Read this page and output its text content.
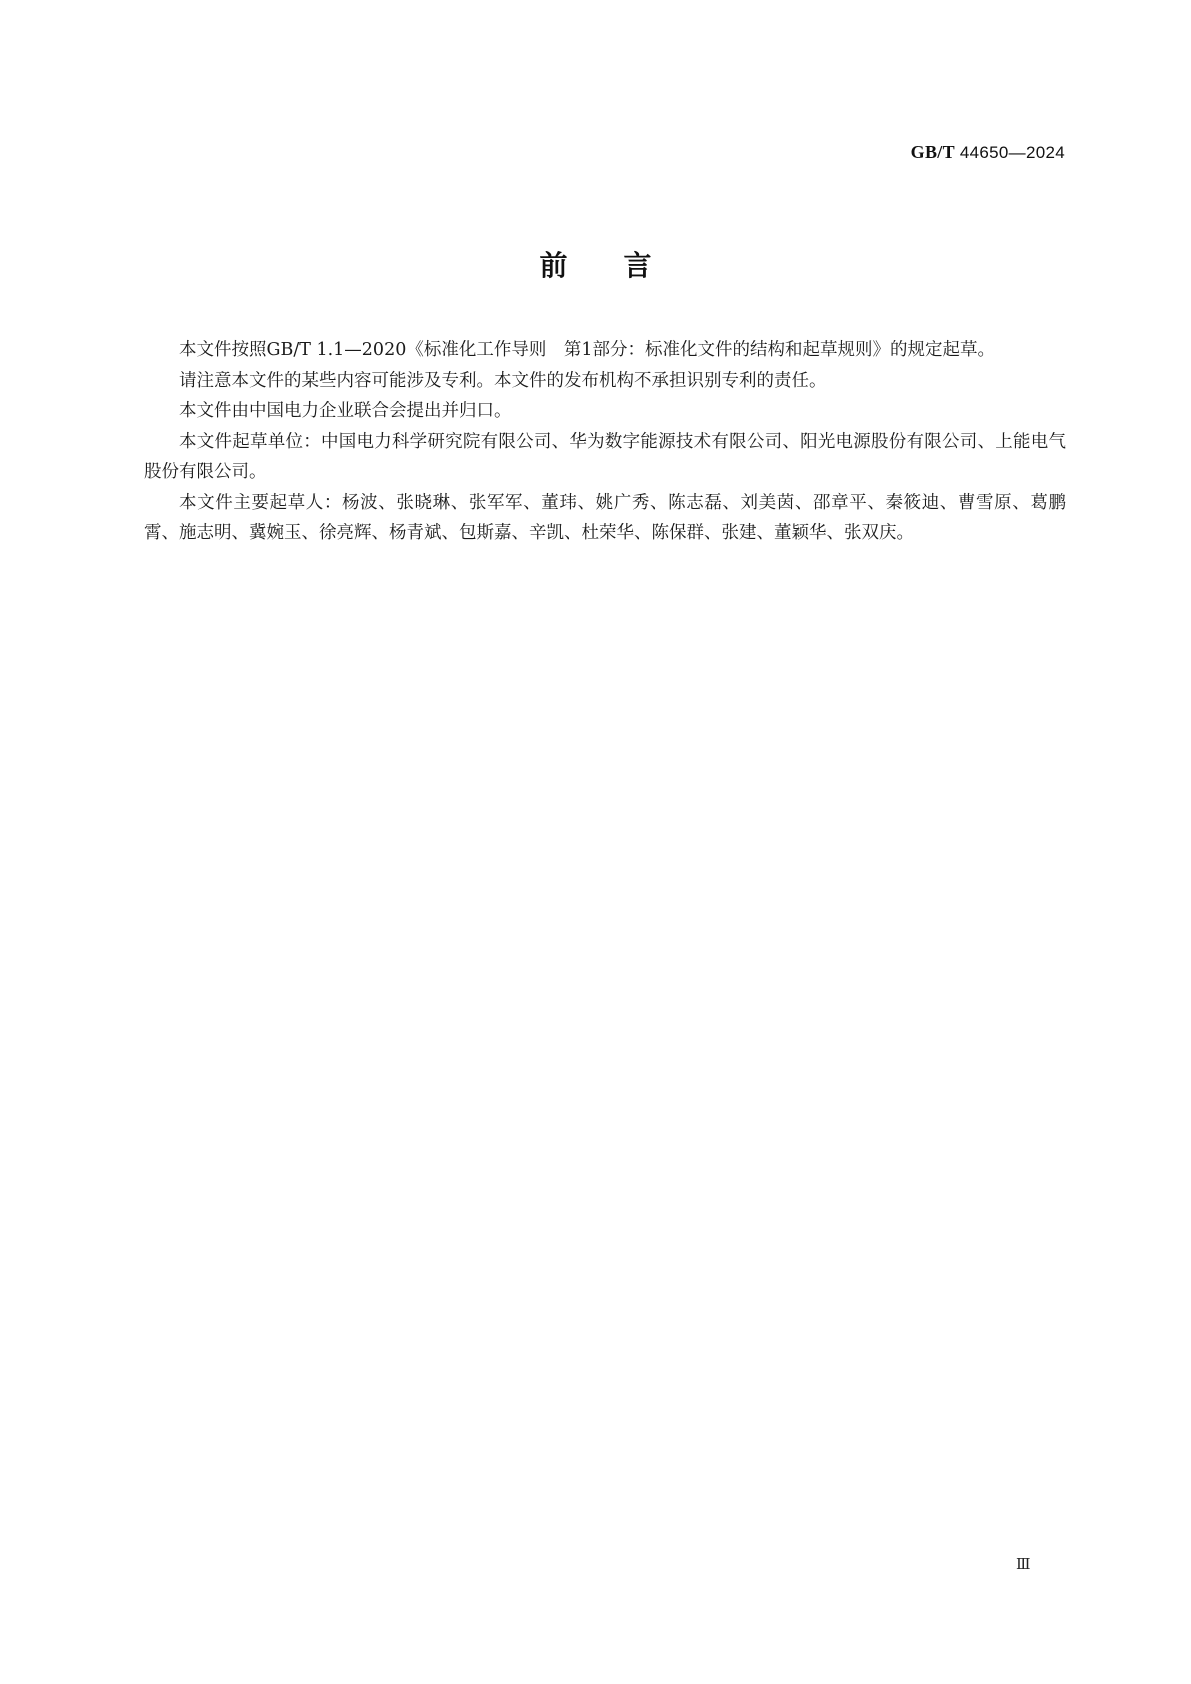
GB/T 44650—2024
前言

本文件按照GB/T 1.1—2020《标准化工作导则　第1部分：标准化文件的结构和起草规则》的规定起草。

请注意本文件的某些内容可能涉及专利。本文件的发布机构不承担识别专利的责任。

本文件由中国电力企业联合会提出并归口。

本文件起草单位：中国电力科学研究院有限公司、华为数字能源技术有限公司、阳光电源股份有限公司、上能电气股份有限公司。

本文件主要起草人：杨波、张晓琳、张军军、董玮、姚广秀、陈志磊、刘美茵、邵章平、秦筱迪、曹雪原、葛鹏霄、施志明、冀婉玉、徐亮辉、杨青斌、包斯嘉、辛凯、杜荣华、陈保群、张建、董颖华、张双庆。

Ⅲ
